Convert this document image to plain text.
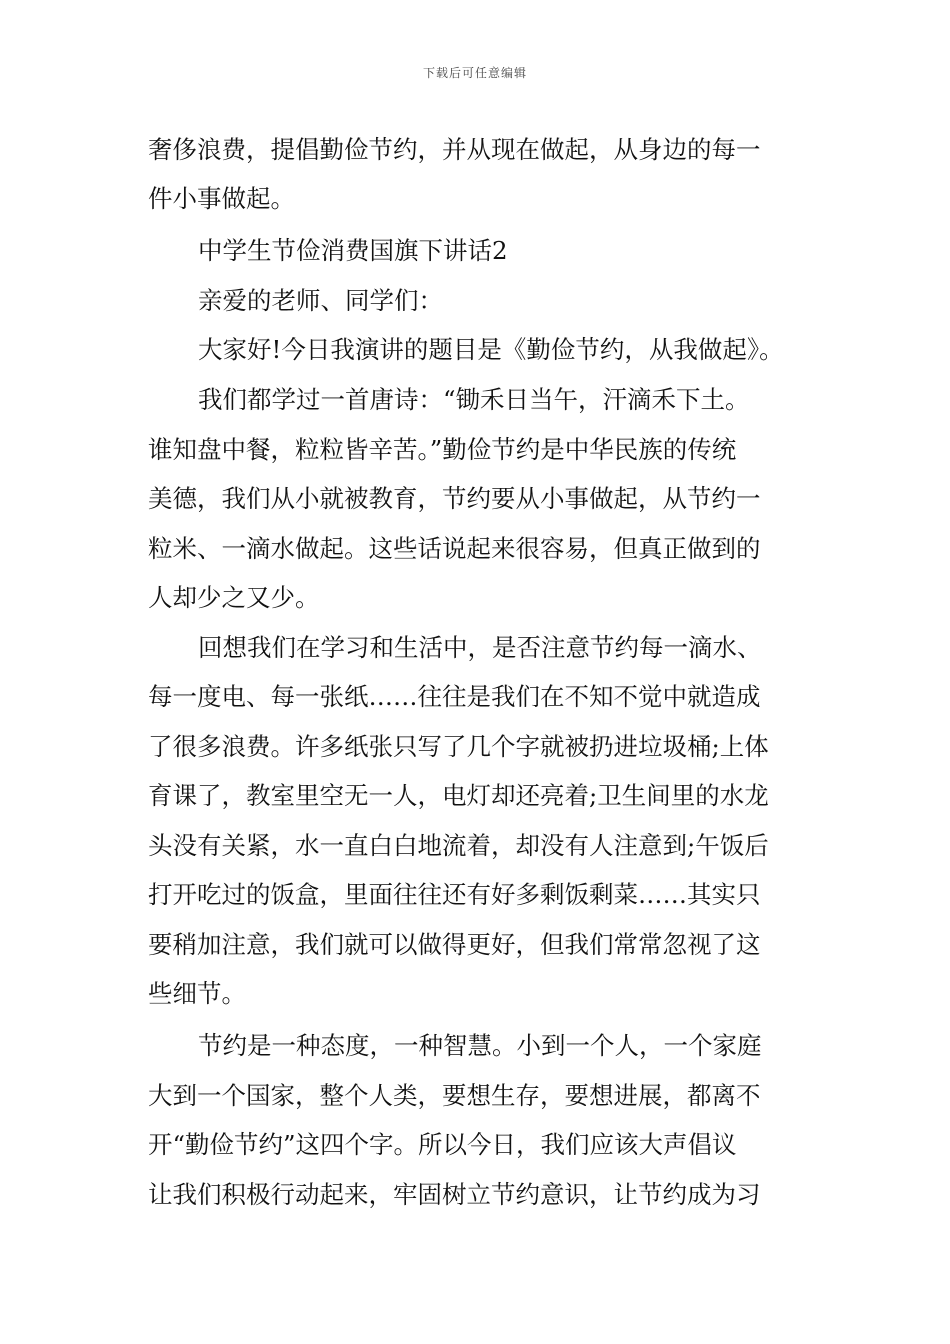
下载后可任意编辑
奢侈浪费，提倡勤俭节约，并从现在做起，从身边的每一
件小事做起。
中学生节俭消费国旗下讲话2
亲爱的老师、同学们：
大家好!今日我演讲的题目是《勤俭节约，从我做起》。
我们都学过一首唐诗：“锄禾日当午，汗滴禾下土。
谁知盘中餐，粒粒皆辛苦。”勤俭节约是中华民族的传统
美德，我们从小就被教育，节约要从小事做起，从节约一
粒米、一滴水做起。这些话说起来很容易，但真正做到的
人却少之又少。
回想我们在学习和生活中，是否注意节约每一滴水、
每一度电、每一张纸……往往是我们在不知不觉中就造成
了很多浪费。许多纸张只写了几个字就被扔进垃圾桶;上体
育课了，教室里空无一人，电灯却还亮着;卫生间里的水龙
头没有关紧，水一直白白地流着，却没有人注意到;午饭后
打开吃过的饭盒，里面往往还有好多剩饭剩菜……其实只
要稍加注意，我们就可以做得更好，但我们常常忽视了这
些细节。
节约是一种态度，一种智慧。小到一个人，一个家庭
大到一个国家，整个人类，要想生存，要想进展，都离不
开“勤俭节约”这四个字。所以今日，我们应该大声倡议
让我们积极行动起来，牢固树立节约意识，让节约成为习
